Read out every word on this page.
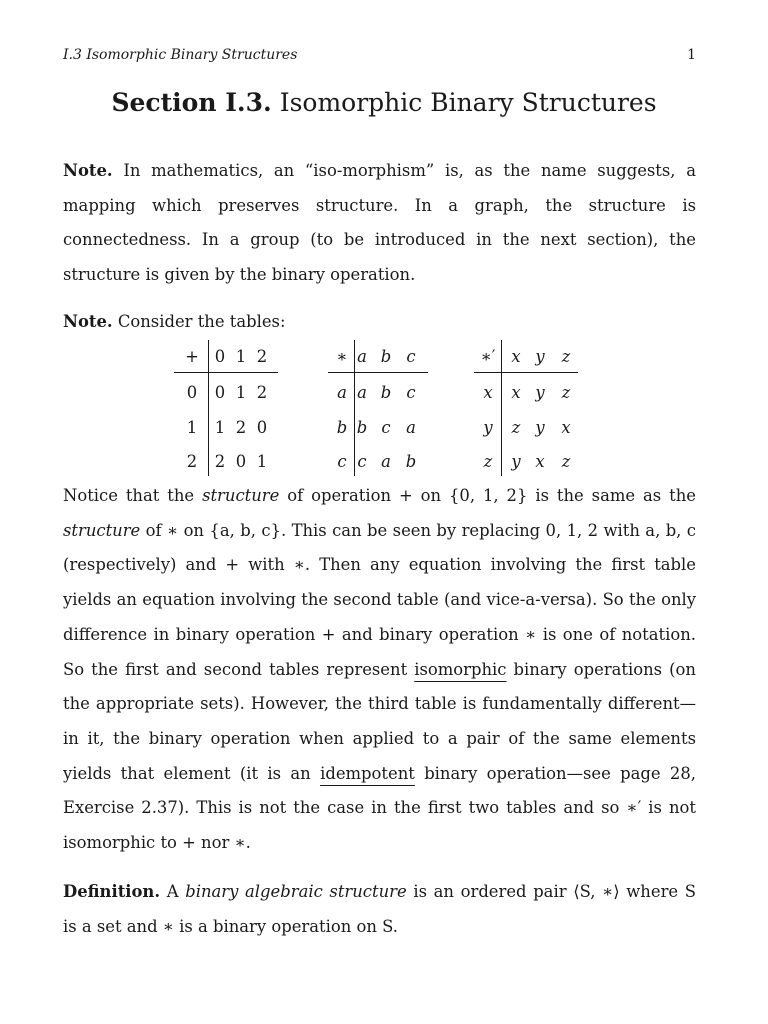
I.3 Isomorphic Binary Structures	1
Section I.3. Isomorphic Binary Structures
Note. In mathematics, an “iso-morphism” is, as the name suggests, a mapping which preserves structure. In a graph, the structure is connectedness. In a group (to be introduced in the next section), the structure is given by the binary operation.
Note. Consider the tables:
+ 0 1 2
0 0 1 2
1 1 2 0
2 2 0 1
∗ a b c
a a b c
b b c a
c c a b
∗′ x y	z
x	x y	z
y	z y	x
z	y x	z
Notice that the structure of operation + on {0, 1, 2} is the same as the structure of ∗ on {a, b, c}. This can be seen by replacing 0, 1, 2 with a, b, c (respectively) and + with ∗. Then any equation involving the first table yields an equation involving the second table (and vice-a-versa). So the only difference in binary operation + and binary operation ∗ is one of notation. So the first and second tables represent isomorphic binary operations (on the appropriate sets). However, the third table is fundamentally different—in it, the binary operation when applied to a pair of the same elements yields that element (it is an idempotent binary operation—see page 28, Exercise 2.37). This is not the case in the first two tables and so ∗′ is not isomorphic to + nor ∗.
Definition. A binary algebraic structure is an ordered pair ⟨S, ∗⟩ where S is a set and ∗ is a binary operation on S.
